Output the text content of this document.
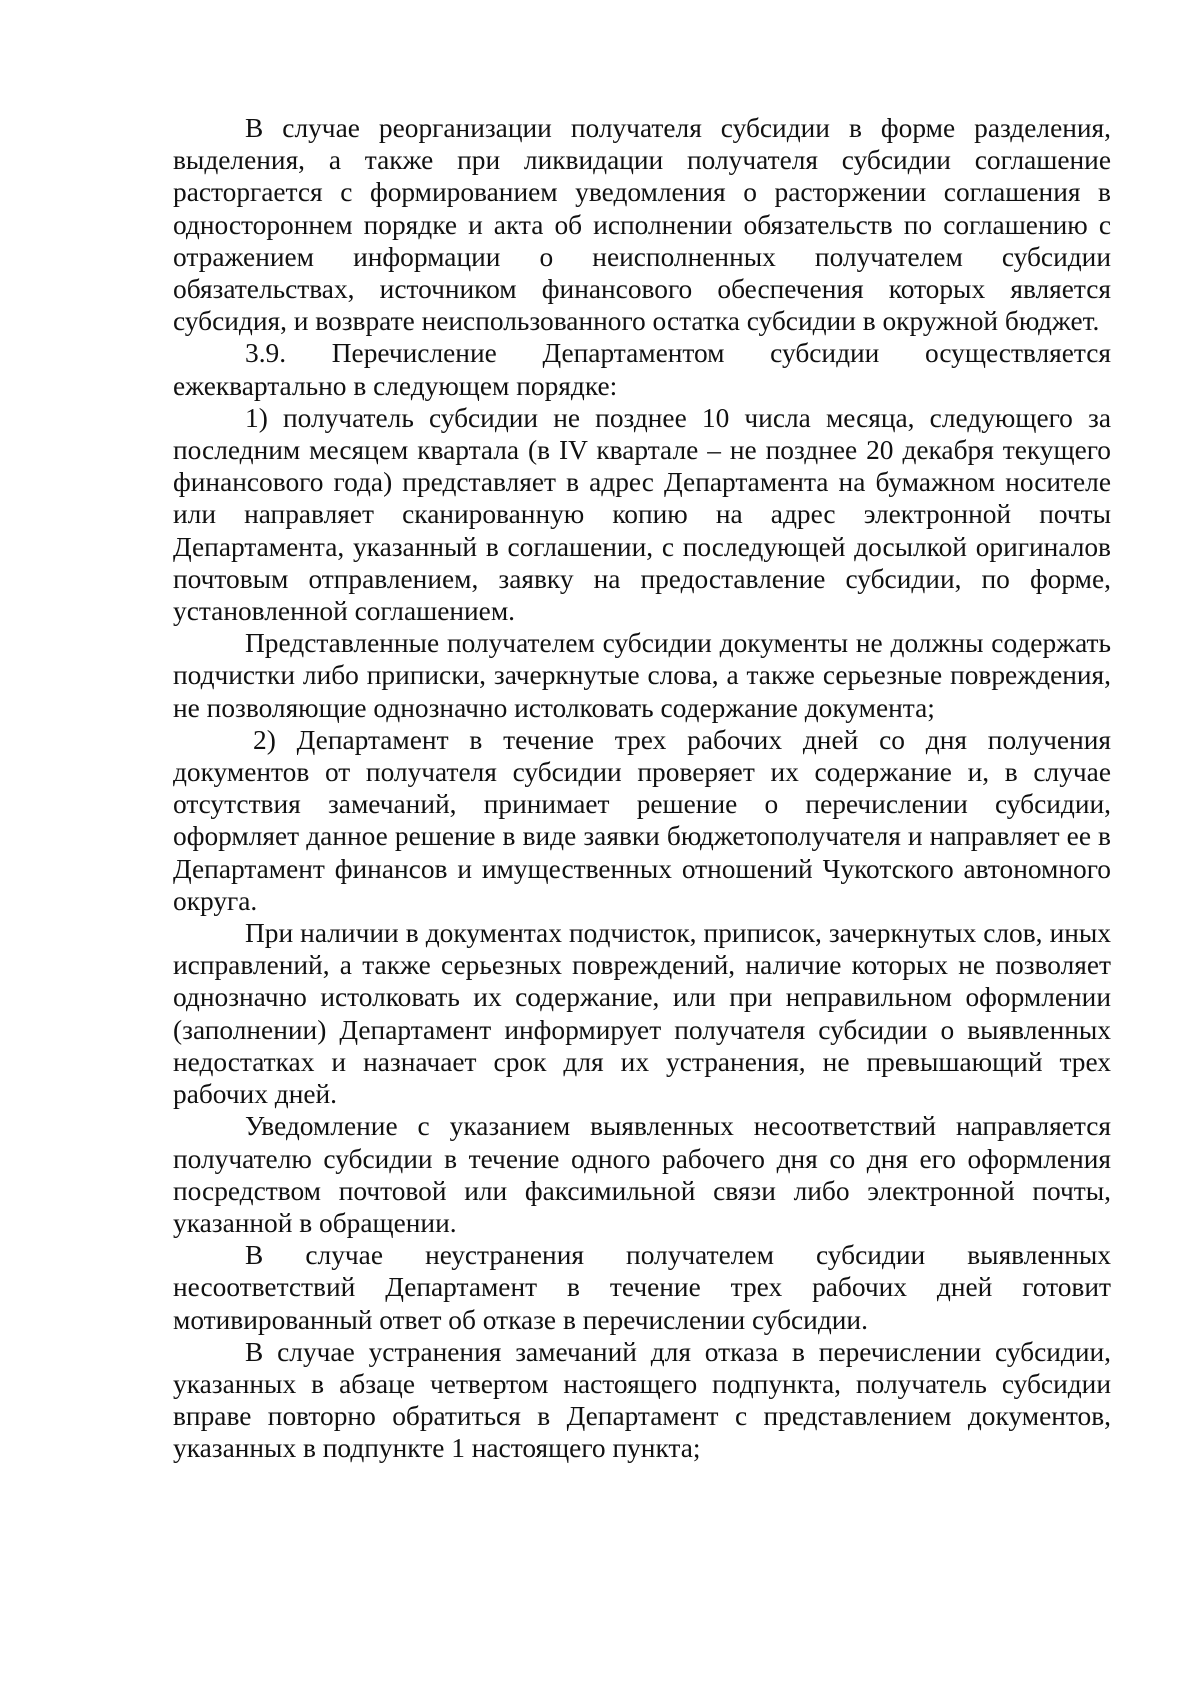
В случае реорганизации получателя субсидии в форме разделения, выделения, а также при ликвидации получателя субсидии соглашение расторгается с формированием уведомления о расторжении соглашения в одностороннем порядке и акта об исполнении обязательств по соглашению с отражением информации о неисполненных получателем субсидии обязательствах, источником финансового обеспечения которых является субсидия, и возврате неиспользованного остатка субсидии в окружной бюджет.

3.9. Перечисление Департаментом субсидии осуществляется ежеквартально в следующем порядке:

1) получатель субсидии не позднее 10 числа месяца, следующего за последним месяцем квартала (в IV квартале – не позднее 20 декабря текущего финансового года) представляет в адрес Департамента на бумажном носителе или направляет сканированную копию на адрес электронной почты Департамента, указанный в соглашении, с последующей досылкой оригиналов почтовым отправлением, заявку на предоставление субсидии, по форме, установленной соглашением.

Представленные получателем субсидии документы не должны содержать подчистки либо приписки, зачеркнутые слова, а также серьезные повреждения, не позволяющие однозначно истолковать содержание документа;

2) Департамент в течение трех рабочих дней со дня получения документов от получателя субсидии проверяет их содержание и, в случае отсутствия замечаний, принимает решение о перечислении субсидии, оформляет данное решение в виде заявки бюджетополучателя и направляет ее в Департамент финансов и имущественных отношений Чукотского автономного округа.

При наличии в документах подчисток, приписок, зачеркнутых слов, иных исправлений, а также серьезных повреждений, наличие которых не позволяет однозначно истолковать их содержание, или при неправильном оформлении (заполнении) Департамент информирует получателя субсидии о выявленных недостатках и назначает срок для их устранения, не превышающий трех рабочих дней.

Уведомление с указанием выявленных несоответствий направляется получателю субсидии в течение одного рабочего дня со дня его оформления посредством почтовой или факсимильной связи либо электронной почты, указанной в обращении.

В случае неустранения получателем субсидии выявленных несоответствий Департамент в течение трех рабочих дней готовит мотивированный ответ об отказе в перечислении субсидии.

В случае устранения замечаний для отказа в перечислении субсидии, указанных в абзаце четвертом настоящего подпункта, получатель субсидии вправе повторно обратиться в Департамент с представлением документов, указанных в подпункте 1 настоящего пункта;
